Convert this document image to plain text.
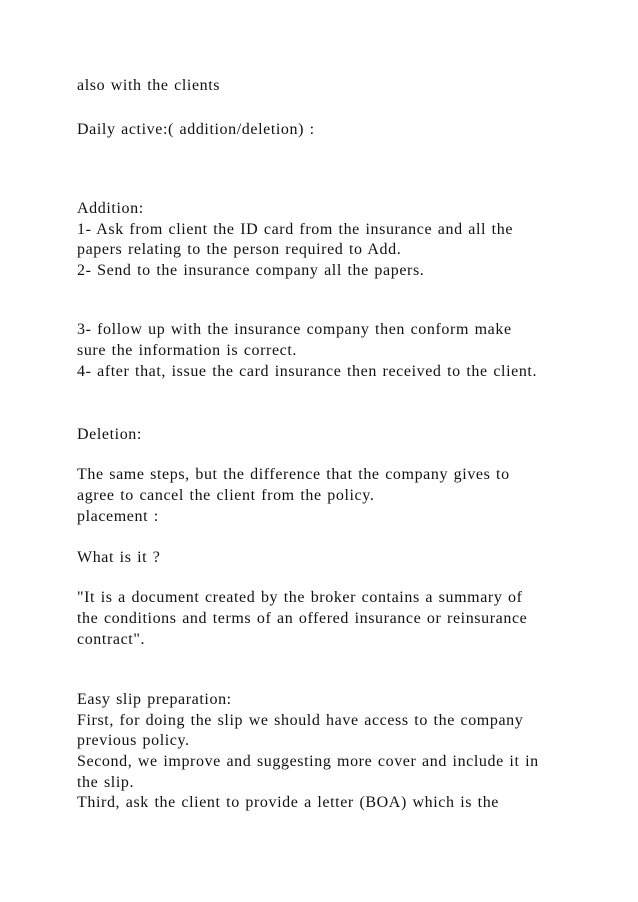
also with the clients
Daily active:( addition/deletion) :
Addition:
1- Ask from client the ID card from the insurance and all the
papers relating to the person required to Add.
2- Send to the insurance company all the papers.
3- follow up with the insurance company then conform make
sure the information is correct.
4- after that, issue the card insurance then received to the client.
Deletion:
The same steps, but the difference that the company gives to
agree to cancel the client from the policy.
placement :
What is it ?
"It is a document created by the broker contains a summary of
the conditions and terms of an offered insurance or reinsurance
contract".
Easy slip preparation:
First, for doing the slip we should have access to the company
previous policy.
Second, we improve and suggesting more cover and include it in
the slip.
Third, ask the client to provide a letter (BOA) which is the
